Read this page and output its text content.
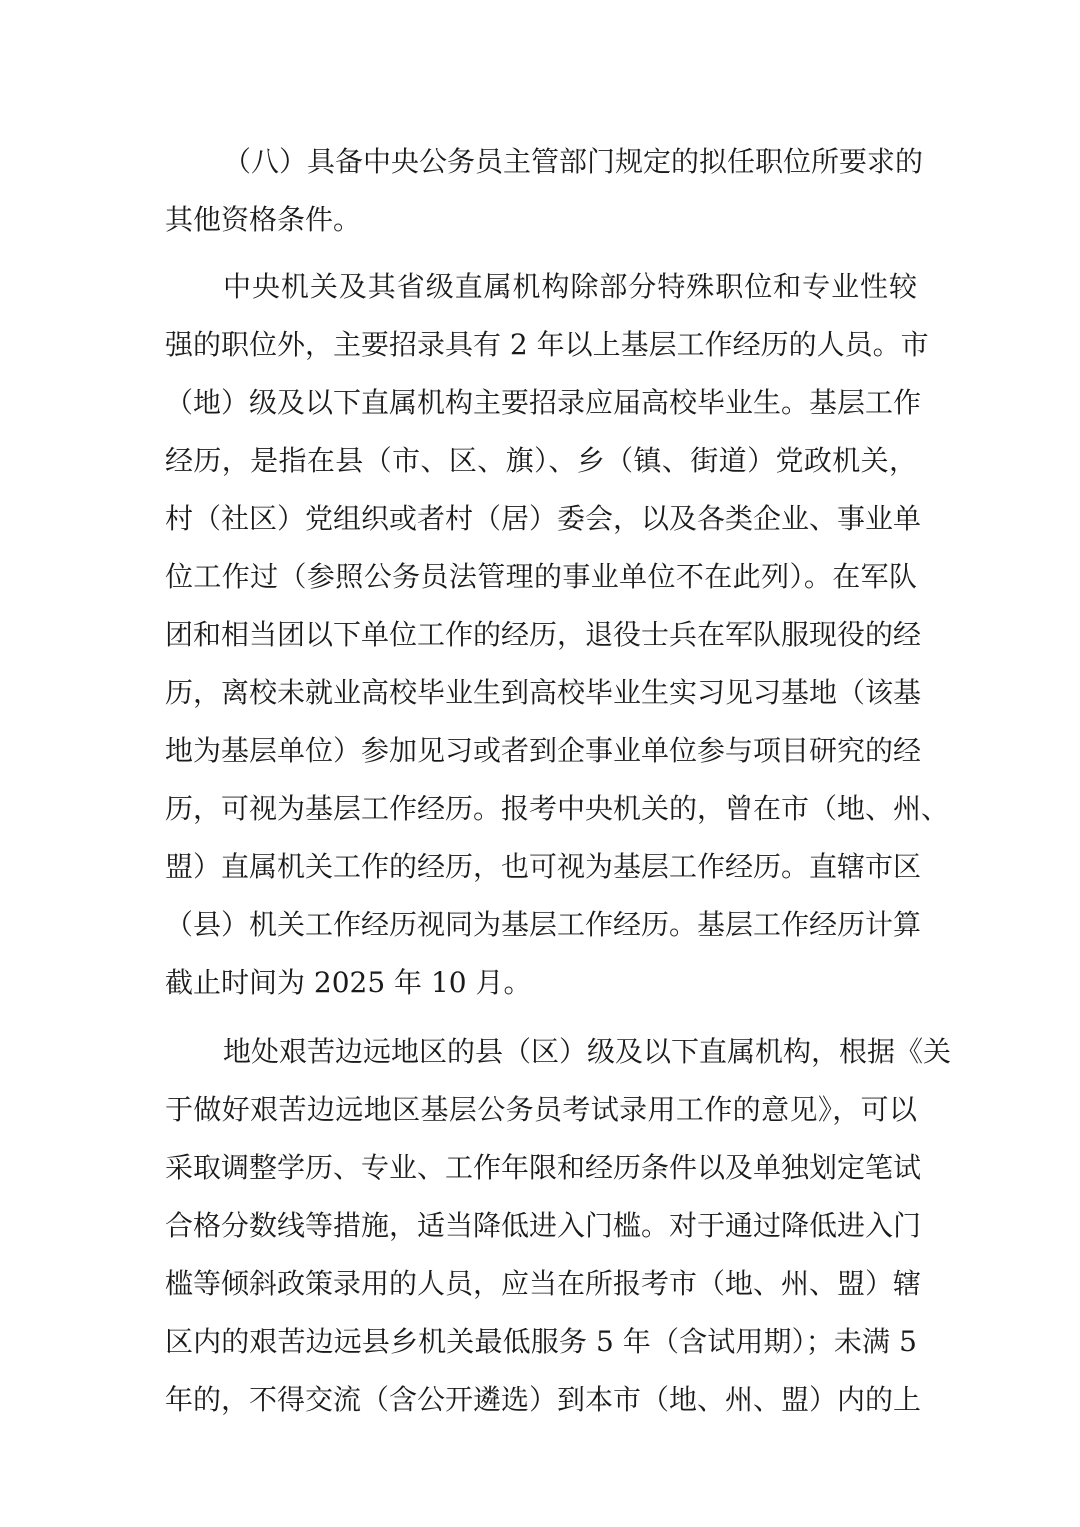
（八）具备中央公务员主管部门规定的拟任职位所要求的
其他资格条件。
中央机关及其省级直属机构除部分特殊职位和专业性较
强的职位外，主要招录具有 2 年以上基层工作经历的人员。市
（地）级及以下直属机构主要招录应届高校毕业生。基层工作
经历，是指在县（市、区、旗）、乡（镇、街道）党政机关，
村（社区）党组织或者村（居）委会，以及各类企业、事业单
位工作过（参照公务员法管理的事业单位不在此列）。在军队
团和相当团以下单位工作的经历，退役士兵在军队服现役的经
历，离校未就业高校毕业生到高校毕业生实习见习基地（该基
地为基层单位）参加见习或者到企事业单位参与项目研究的经
历，可视为基层工作经历。报考中央机关的，曾在市（地、州、
盟）直属机关工作的经历，也可视为基层工作经历。直辖市区
（县）机关工作经历视同为基层工作经历。基层工作经历计算
截止时间为 2025 年 10 月。
地处艰苦边远地区的县（区）级及以下直属机构，根据《关
于做好艰苦边远地区基层公务员考试录用工作的意见》，可以
采取调整学历、专业、工作年限和经历条件以及单独划定笔试
合格分数线等措施，适当降低进入门槛。对于通过降低进入门
槛等倾斜政策录用的人员，应当在所报考市（地、州、盟）辖
区内的艰苦边远县乡机关最低服务 5 年（含试用期）；未满 5
年的，不得交流（含公开遴选）到本市（地、州、盟）内的上
